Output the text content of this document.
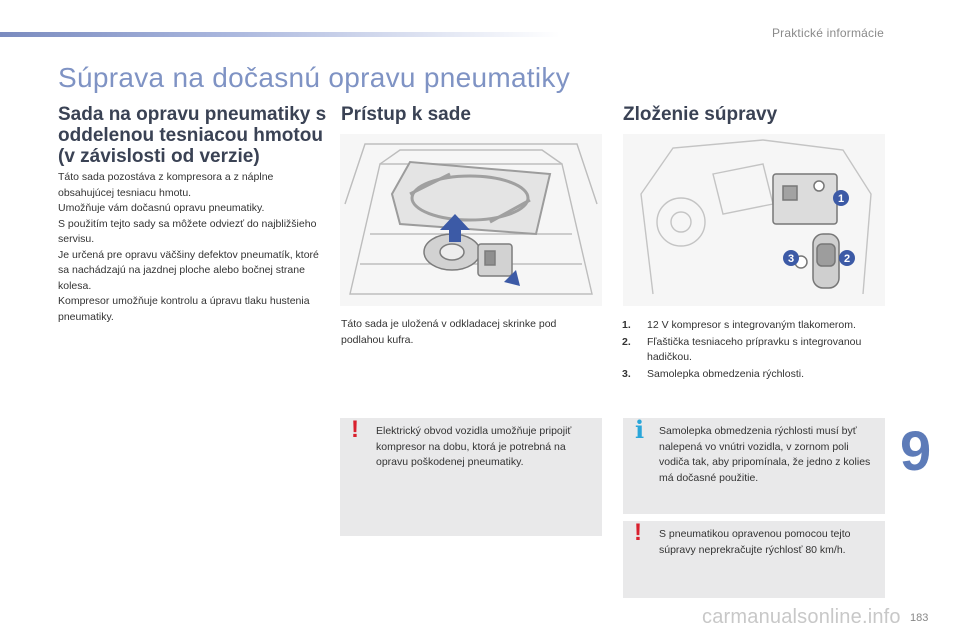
Praktické informácie
Súprava na dočasnú opravu pneumatiky
Sada na opravu pneumatiky s oddelenou tesniacou hmotou (v závislosti od verzie)
Táto sada pozostáva z kompresora a z náplne obsahujúcej tesniacu hmotu.
Umožňuje vám dočasnú opravu pneumatiky.
S použitím tejto sady sa môžete odviezť do najbližšieho servisu.
Je určená pre opravu väčšiny defektov pneumatík, ktoré sa nachádzajú na jazdnej ploche alebo bočnej strane kolesa.
Kompresor umožňuje kontrolu a úpravu tlaku hustenia pneumatiky.
Prístup k sade
Táto sada je uložená v odkladacej skrinke pod podlahou kufra.
! Elektrický obvod vozidla umožňuje pripojiť kompresor na dobu, ktorá je potrebná na opravu poškodenej pneumatiky.
Zloženie súpravy
1
2
3
1.	12 V kompresor s integrovaným tlakomerom.
2.	Fľaštička tesniaceho prípravku s integrovanou hadičkou.
3.	Samolepka obmedzenia rýchlosti.
i Samolepka obmedzenia rýchlosti musí byť nalepená vo vnútri vozidla, v zornom poli vodiča tak, aby pripomínala, že jedno z kolies má dočasné použitie.
! S pneumatikou opravenou pomocou tejto súpravy neprekračujte rýchlosť 80 km/h.
9
carmanualsonline.info 183
